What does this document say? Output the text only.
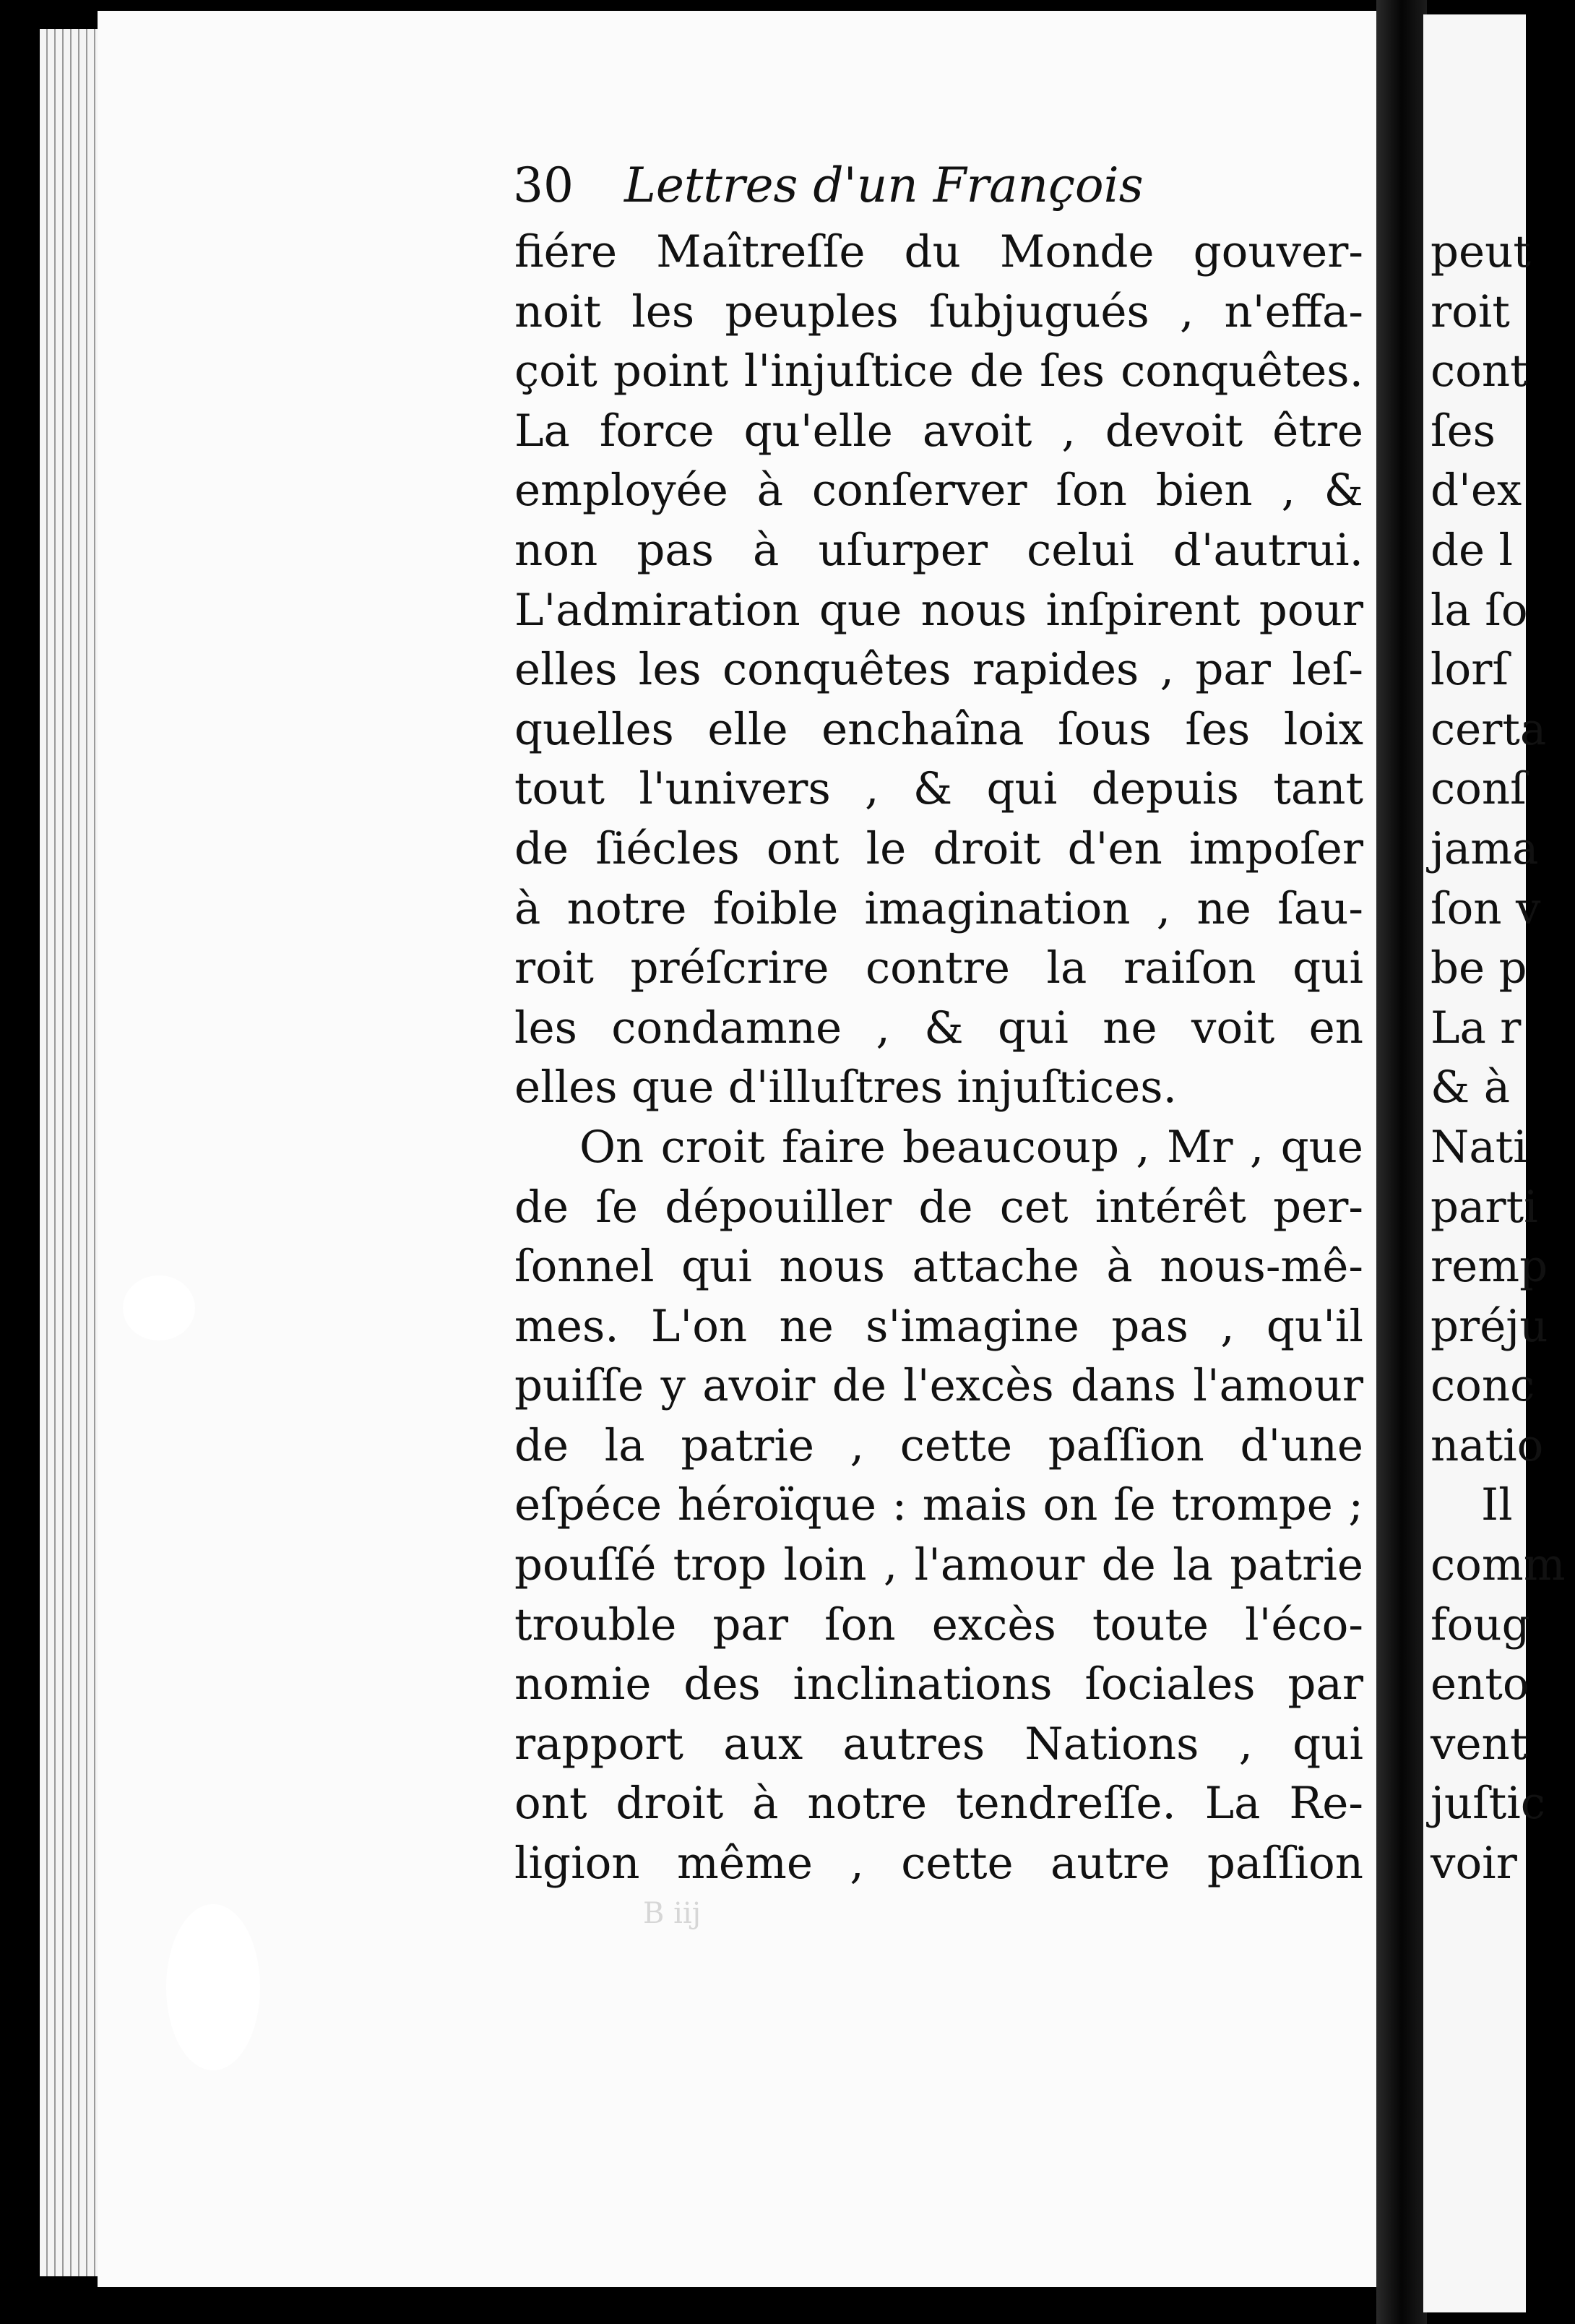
30 Lettres d'un François
fiére Maîtreſſe du Monde gouver-
noit les peuples ſubjugués , n'effa-
çoit point l'injuſtice de ſes conquêtes.
La force qu'elle avoit , devoit être
employée à conſerver ſon bien , &
non pas à uſurper celui d'autrui.
L'admiration que nous inſpirent pour
elles les conquêtes rapides , par leſ-
quelles elle enchaîna ſous ſes loix
tout l'univers , & qui depuis tant
de ſiécles ont le droit d'en impoſer
à notre foible imagination , ne ſau-
roit préſcrire contre la raiſon qui
les condamne , & qui ne voit en
elles que d'illuſtres injuſtices.
On croit faire beaucoup , Mr , que
de ſe dépouiller de cet intérêt per-
ſonnel qui nous attache à nous-mê-
mes. L'on ne s'imagine pas , qu'il
puiſſe y avoir de l'excès dans l'amour
de la patrie , cette paſſion d'une
eſpéce héroïque : mais on ſe trompe ;
pouſſé trop loin , l'amour de la patrie
trouble par ſon excès toute l'éco-
nomie des inclinations ſociales par
rapport aux autres Nations , qui
ont droit à notre tendreſſe. La Re-
ligion même , cette autre paſſion
B iij
peut
roit
cont
ſes
d'ex
de l
la ſo
lorſ
certa
conſ
jama
ſon v
be p
La r
& à
Nati
parti
remp
préju
conc
natio
Il
comm
foug
ento
vent
juſtic
voir
